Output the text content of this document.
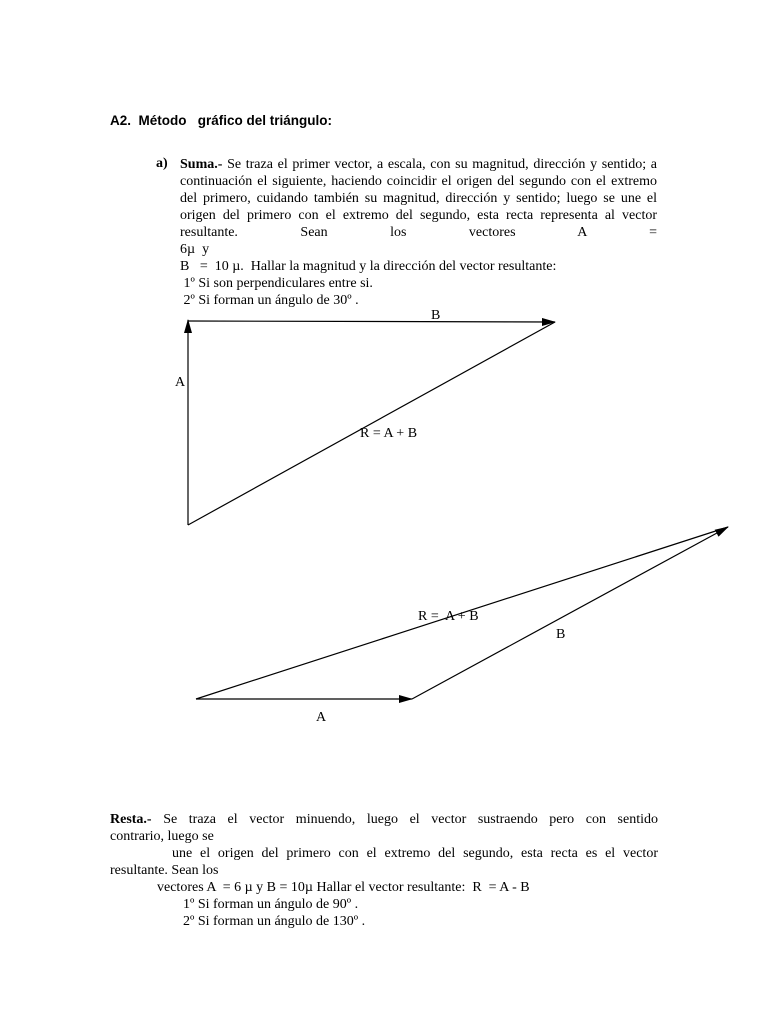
A2.  Método   gráfico del triángulo:
a) Suma.- Se traza el primer vector, a escala, con su magnitud, dirección y sentido; a continuación el siguiente, haciendo coincidir el origen del segundo con el extremo del primero, cuidando también su magnitud, dirección y sentido; luego se une el origen del primero con el extremo del segundo, esta recta representa al vector resultante. Sean los vectores A =
6µ  y
B   =  10 µ.  Hallar la magnitud y la dirección del vector resultante:
1º Si son perpendiculares entre si.
2º Si forman un ángulo de 30º .
B
A
R = A + B
R =  A + B
B
A
Resta.- Se traza el vector minuendo, luego el vector sustraendo pero con sentido
contrario, luego se
une el origen del primero con el extremo del segundo, esta recta es el vector
resultante. Sean los
vectores A  = 6 µ y B = 10µ Hallar el vector resultante:  R  = A - B
1º Si forman un ángulo de 90º .
2º Si forman un ángulo de 130º .
